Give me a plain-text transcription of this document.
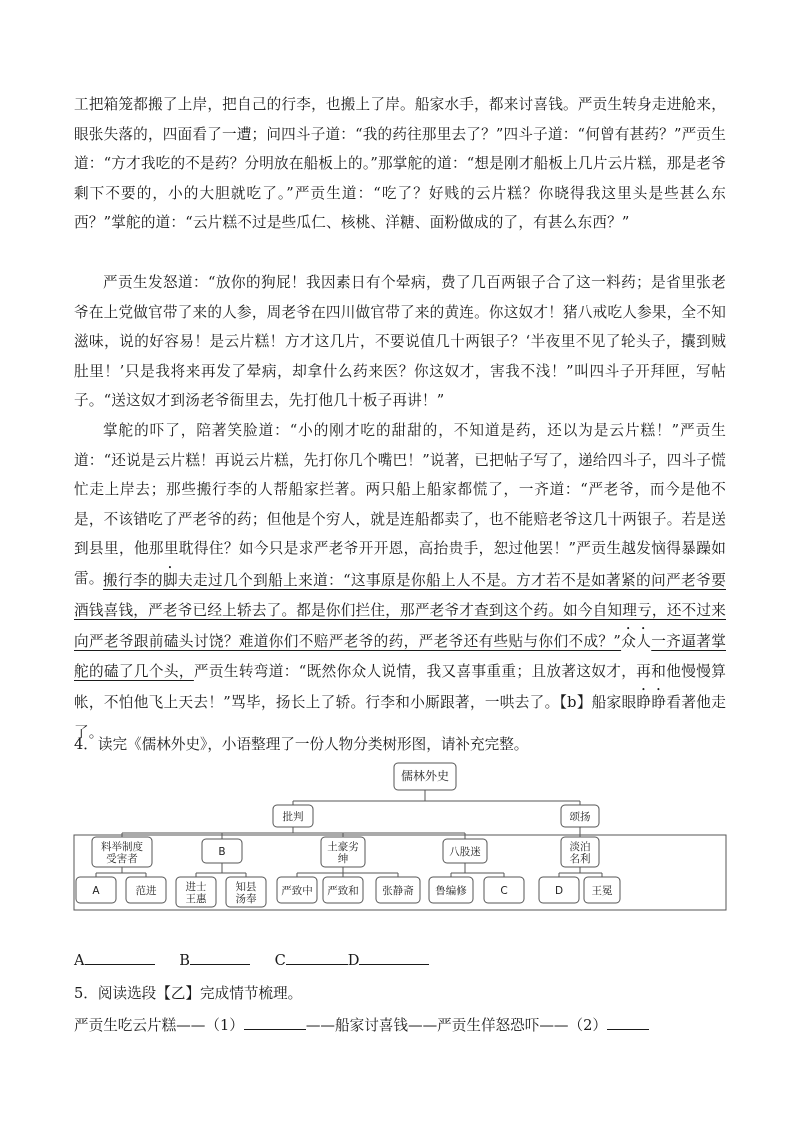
工把箱笼都搬了上岸，把自己的行李，也搬上了岸。船家水手，都来讨喜钱。严贡生转身走进舱来，眼张失落的，四面看了一遭；问四斗子道：“我的药往那里去了？”四斗子道：“何曾有甚药？”严贡生道：“方才我吃的不是药？分明放在船板上的。”那掌舵的道：“想是刚才船板上几片云片糕，那是老爷剩下不要的，小的大胆就吃了。”严贡生道：“吃了？好贱的云片糕？你晓得我这里头是些甚么东西？”掌舵的道：“云片糕不过是些瓜仁、核桃、洋糖、面粉做成的了，有甚么东西？”
严贡生发怒道：“放你的狗屁！我因素日有个晕病，费了几百两银子合了这一料药；是省里张老爷在上党做官带了来的人参，周老爷在四川做官带了来的黄连。你这奴才！猪八戒吃人参果，全不知滋味，说的好容易！是云片糕！方才这几片，不要说值几十两银子？‘半夜里不见了轮头子，攮到贼肚里！’只是我将来再发了晕病，却拿什么药来医？你这奴才，害我不浅！”叫四斗子开拜匣，写帖子。“送这奴才到汤老爷衙里去，先打他几十板子再讲！”
掌舵的吓了，陪著笑脸道：“小的刚才吃的甜甜的，不知道是药，还以为是云片糕！”严贡生道：“还说是云片糕！再说云片糕，先打你几个嘴巴！”说著，已把帖子写了，递给四斗子，四斗子慌忙走上岸去；那些搬行李的人帮船家拦著。两只船上船家都慌了，一齐道：“严老爷，而今是他不是，不该错吃了严老爷的药；但他是个穷人，就是连船都卖了，也不能赔老爷这几十两银子。若是送到县里，他那里耽得住？如今只是求严老爷开开恩，高抬贵手，恕过他罢！”严贡生越发恼得暴躁如雷。 搬行李的脚夫走过几个到船上来道：“这事原是你船上人不是。方才若不是如著紧的问严老爷要酒钱喜钱，严老爷已经上轿去了。都是你们拦住，那严老爷才查到这个药。如今自知理亏，还不过来向严老爷跟前磕头讨饶？难道你们不赔严老爷的药，严老爷还有些贴与你们不成？”众人一齐逼著掌舵的磕了几个头，严贡生转弯道：“既然你众人说情，我又喜事重重；且放著这奴才，再和他慢慢算帐，不怕他飞上天去！”骂毕，扬长上了轿。行李和小厮跟著，一哄去了。【b】船家眼睁睁看著他走了。
4．读完《儒林外史》，小语整理了一份人物分类树形图，请补充完整。
儒林外史
批判	颂扬
料举制度受害者
B	土豪劣绅
八股迷	淡泊名利
A	范进	进士王惠
知县汤奉
严致中 严致和 张静斋 鲁编修	C	D	王冕
A	B	C	D
5．阅读选段【乙】完成情节梳理。
严贡生吃云片糕——（1）	——船家讨喜钱——严贡生佯怒恐吓——（2）
